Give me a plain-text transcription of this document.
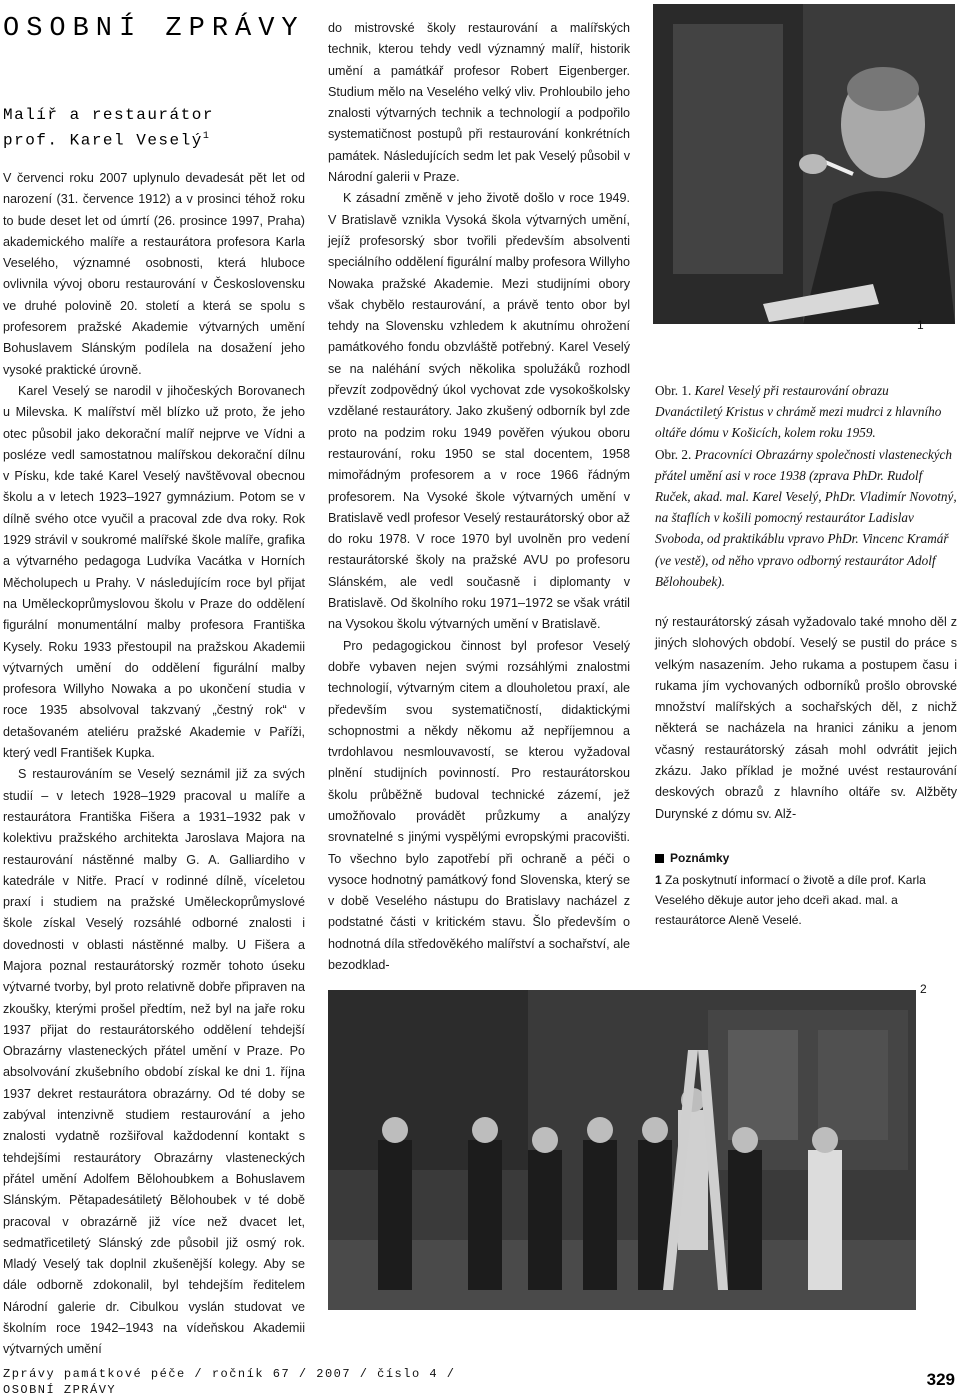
OSOBNÍ ZPRÁVY
Malíř a restaurátor
prof. Karel Veselý$^1$

V červenci roku 2007 uplynulo devadesát pět let od narození (31. července 1912) a v prosinci téhož roku to bude deset let od úmrtí (26. prosince 1997, Praha) akademického malíře a restaurátora profesora Karla Veselého, významné osobnosti, která hluboce ovlivnila vývoj oboru restaurování v Československu ve druhé polovině 20. století a která se spolu s profesorem pražské Akademie výtvarných umění Bohuslavem Slánským podílela na dosažení jeho vysoké praktické úrovně.

Karel Veselý se narodil v jihočeských Borovanech u Milevska. K malířství měl blízko už proto, že jeho otec působil jako dekorační malíř nejprve ve Vídni a posléze vedl samostatnou malířskou dekorační dílnu v Písku, kde také Karel Veselý navštěvoval obecnou školu a v letech 1923–1927 gymnázium. Potom se v dílně svého otce vyučil a pracoval zde dva roky. Rok 1929 strávil v soukromé malířské škole malíře, grafika a výtvarného pedagoga Ludvíka Vacátka v Horních Měcholupech u Prahy. V následujícím roce byl přijat na Uměleckoprůmyslovou školu v Praze do oddělení figurální monumentální malby profesora Františka Kysely. Roku 1933 přestoupil na pražskou Akademii výtvarných umění do oddělení figurální malby profesora Willyho Nowaka a po ukončení studia v roce 1935 absolvoval takzvaný „čestný rok“ v detašovaném ateliéru pražské Akademie v Paříži, který vedl František Kupka.

S restaurováním se Veselý seznámil již za svých studií – v letech 1928–1929 pracoval u malíře a restaurátora Františka Fišera a 1931–1932 pak v kolektivu pražského architekta Jaroslava Majora na restaurování nástěnné malby G. A. Galliardiho v katedrále v Nitře. Prací v rodinné dílně, víceletou praxí i studiem na pražské Uměleckoprůmyslové škole získal Veselý rozsáhlé odborné znalosti i dovednosti v oblasti nástěnné malby. U Fišera a Majora poznal restaurátorský rozměr tohoto úseku výtvarné tvorby, byl proto relativně dobře připraven na zkoušky, kterými prošel předtím, než byl na jaře roku 1937 přijat do restaurátorského oddělení tehdejší Obrazárny vlasteneckých přátel umění v Praze. Po absolvování zkušebního období získal ke dni 1. října 1937 dekret restaurátora obrazárny. Od té doby se zabýval intenzivně studiem restaurování a jeho znalosti vydatně rozšiřoval každodenní kontakt s tehdejšími restaurátory Obrazárny vlasteneckých přátel umění Adolfem Bělohoubkem a Bohuslavem Slánským. Pětapadesátiletý Bělohoubek v té době pracoval v obrazárně již více než dvacet let, sedmatřicetiletý Slánský zde působil již osmý rok. Mladý Veselý tak doplnil zkušenější kolegy. Aby se dále odborně zdokonalil, byl tehdejším ředitelem Národní galerie dr. Cibulkou vyslán studovat ve školním roce 1942–1943 na vídeňskou Akademii výtvarných umění

do mistrovské školy restaurování a malířských technik, kterou tehdy vedl významný malíř, historik umění a památkář profesor Robert Eigenberger. Studium mělo na Veselého velký vliv. Prohloubilo jeho znalosti výtvarných technik a technologií a podpořilo systematičnost postupů při restaurování konkrétních památek. Následujících sedm let pak Veselý působil v Národní galerii v Praze.

K zásadní změně v jeho životě došlo v roce 1949. V Bratislavě vznikla Vysoká škola výtvarných umění, jejíž profesorský sbor tvořili především absolventi speciálního oddělení figurální malby profesora Willyho Nowaka pražské Akademie. Mezi studijními obory však chybělo restaurování, a právě tento obor byl tehdy na Slovensku vzhledem k akutnímu ohrožení památkového fondu obzvláště potřebný. Karel Veselý se na naléhání svých několika spolužáků rozhodl převzít zodpovědný úkol vychovat zde vysokoškolsky vzdělané restaurátory. Jako zkušený odborník byl zde proto na podzim roku 1949 pověřen výukou oboru restaurování, roku 1950 se stal docentem, 1958 mimořádným profesorem a v roce 1966 řádným profesorem. Na Vysoké škole výtvarných umění v Bratislavě vedl profesor Veselý restaurátorský obor až do roku 1978. V roce 1970 byl uvolněn pro vedení restaurátorské školy na pražské AVU po profesoru Slánském, ale vedl současně i diplomanty v Bratislavě. Od školního roku 1971–1972 se však vrátil na Vysokou školu výtvarných umění v Bratislavě.

Pro pedagogickou činnost byl profesor Veselý dobře vybaven nejen svými rozsáhlými znalostmi technologií, výtvarným citem a dlouholetou praxí, ale především svou systematičností, didaktickými schopnostmi a někdy někomu až nepříjemnou a tvrdohlavou nesmlouvavostí, se kterou vyžadoval plnění studijních povinností. Pro restaurátorskou školu průběžně budoval technické zázemí, jež umožňovalo provádět průzkumy a analýzy srovnatelné s jinými vyspělými evropskými pracovišti. To všechno bylo zapotřebí při ochraně a péči o vysoce hodnotný památkový fond Slovenska, který se v době Veselého nástupu do Bratislavy nacházel z podstatné části v kritickém stavu. Šlo především o hodnotná díla středověkého malířství a sochařství, ale bezodklad-

1

Obr. 1. Karel Veselý při restaurování obrazu Dvanáctiletý Kristus v chrámě mezi mudrci z hlavního oltáře dómu v Košicích, kolem roku 1959.

Obr. 2. Pracovníci Obrazárny společnosti vlasteneckých přátel umění asi v roce 1938 (zprava PhDr. Rudolf Ruček, akad. mal. Karel Veselý, PhDr. Vladimír Novotný, na štaflích v košili pomocný restaurátor Ladislav Svoboda, od praktikáblu vpravo PhDr. Vincenc Kramář (ve vestě), od něho vpravo odborný restaurátor Adolf Bělohoubek).

ný restaurátorský zásah vyžadovalo také mnoho děl z jiných slohových období. Veselý se pustil do práce s velkým nasazením. Jeho rukama a postupem času i rukama jím vychovaných odborníků prošlo obrovské množství malířských a sochařských děl, z nichž některá se nacházela na hranici zániku a jenom včasný restaurátorský zásah mohl odvrátit jejich zkázu. Jako příklad je možné uvést restaurování deskových obrazů z hlavního oltáře sv. Alžběty Durynské z dómu sv. Alž-

Poznámky
1 Za poskytnutí informací o životě a díle prof. Karla Veselého děkuje autor jeho dceři akad. mal. a restaurátorce Aleně Veselé.
2
Zprávy památkové péče / ročník 67 / 2007 / číslo 4 /
OSOBNÍ ZPRÁVY
329
